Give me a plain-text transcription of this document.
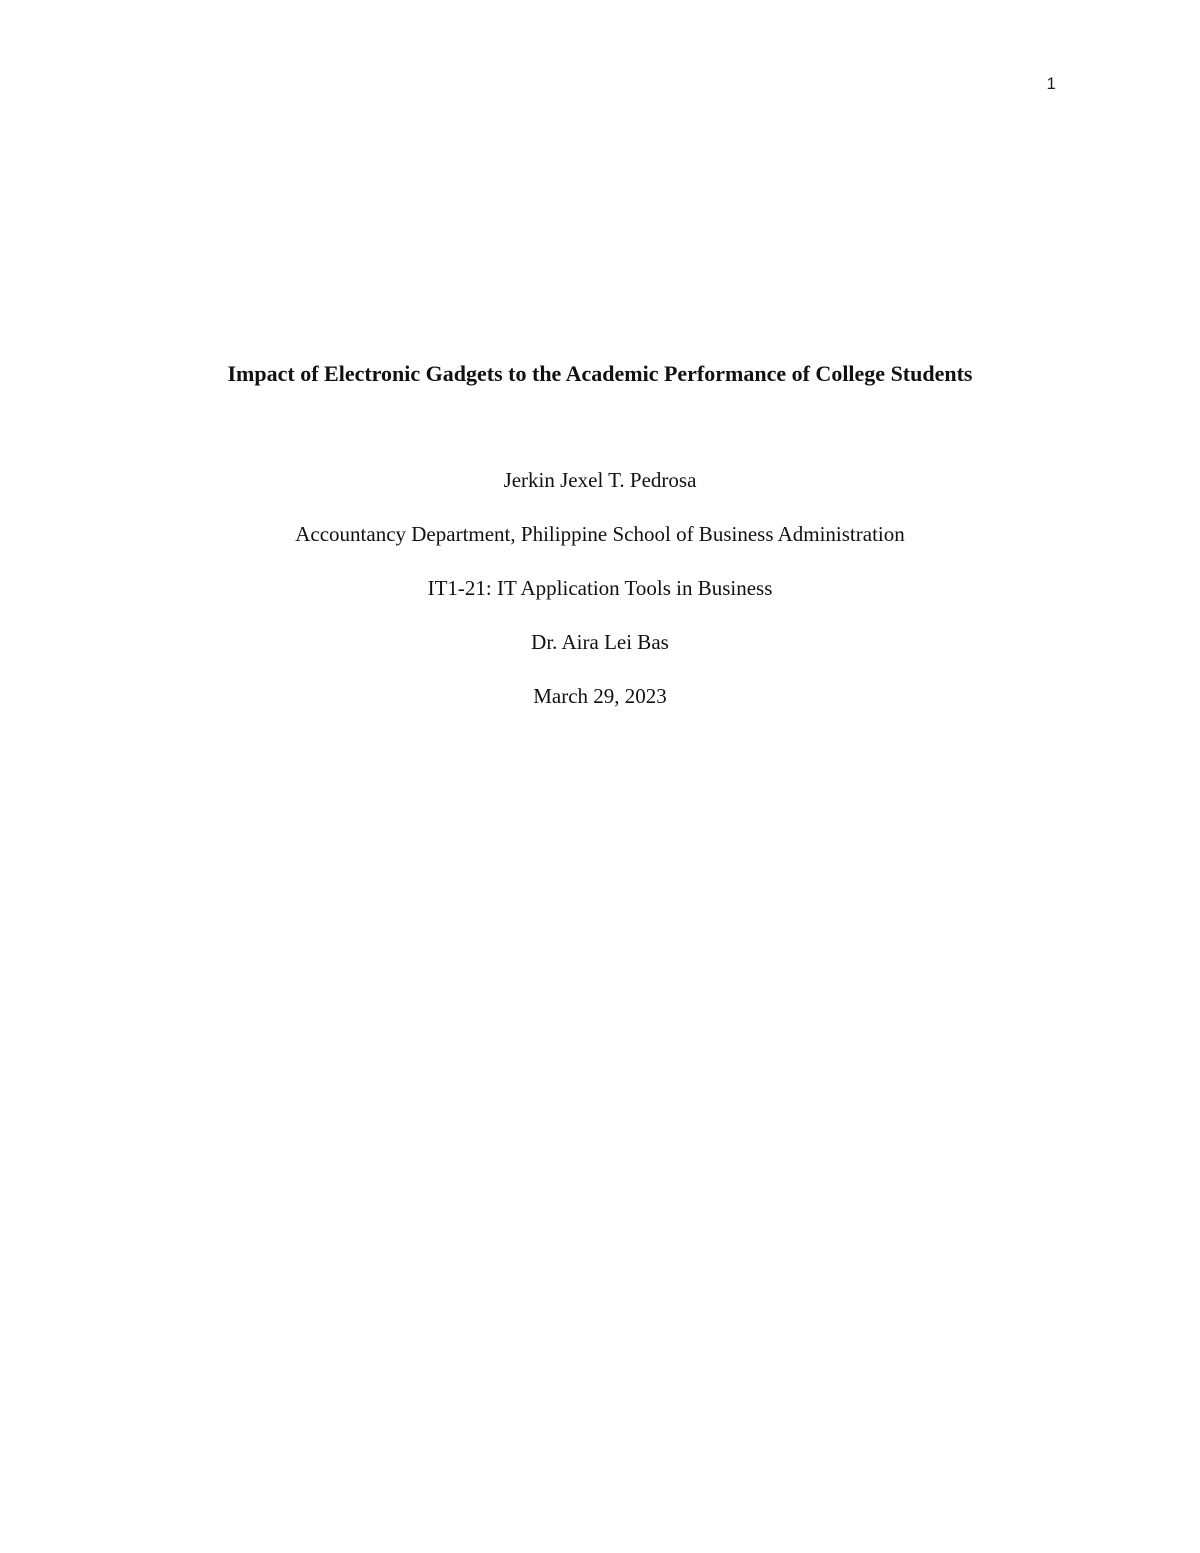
1
Impact of Electronic Gadgets to the Academic Performance of College Students
Jerkin Jexel T. Pedrosa
Accountancy Department, Philippine School of Business Administration
IT1-21: IT Application Tools in Business
Dr. Aira Lei Bas
March 29, 2023
